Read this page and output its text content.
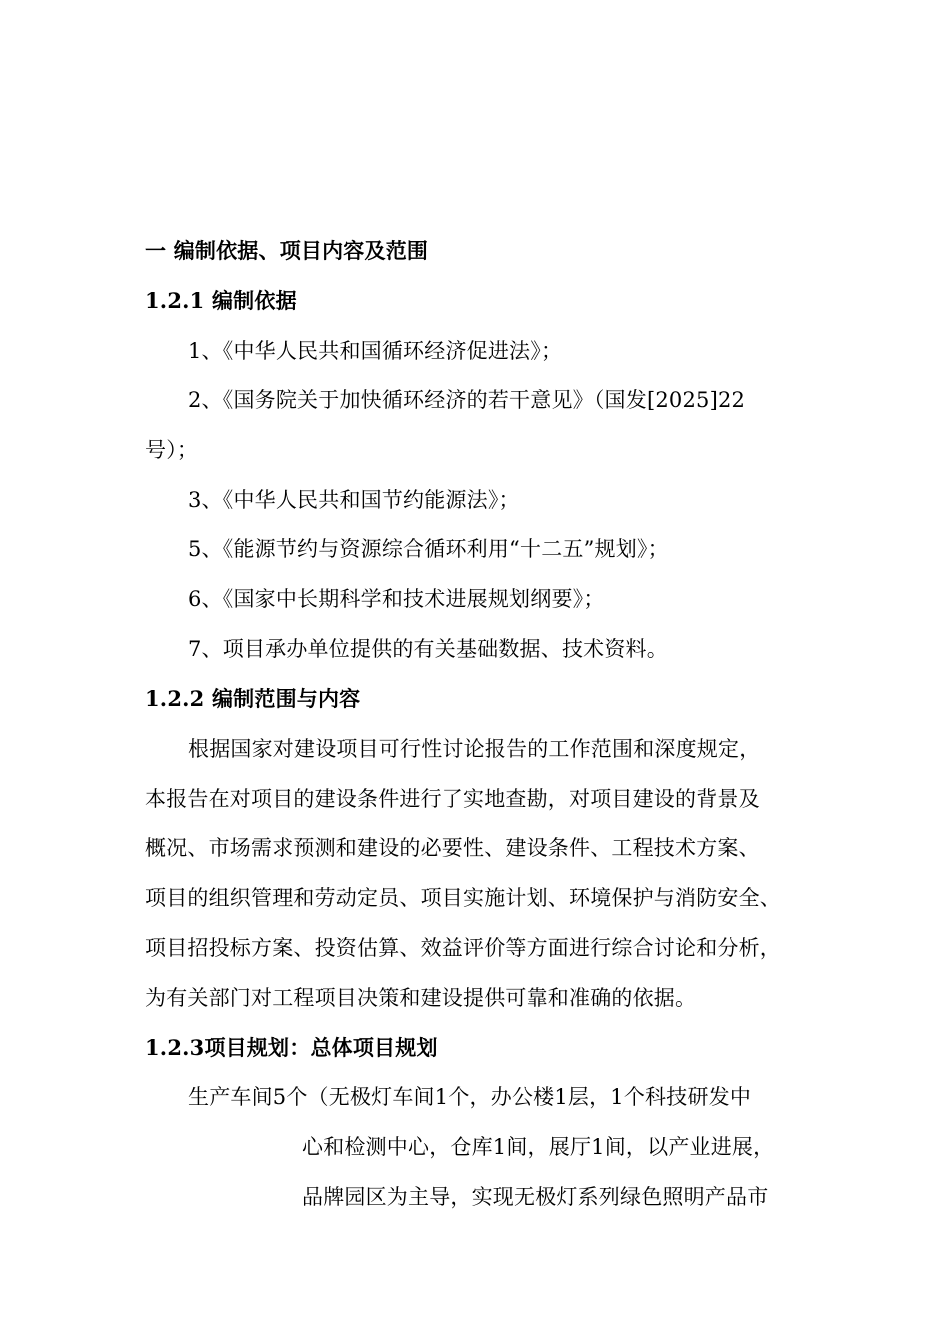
一 编制依据、项目内容及范围
1.2.1 编制依据
1、《中华人民共和国循环经济促进法》；
2、《国务院关于加快循环经济的若干意见》（国发[2025]22
号）；
3、《中华人民共和国节约能源法》；
5、《能源节约与资源综合循环利用“十二五”规划》；
6、《国家中长期科学和技术进展规划纲要》；
7、项目承办单位提供的有关基础数据、技术资料。
1.2.2 编制范围与内容
根据国家对建设项目可行性讨论报告的工作范围和深度规定，
本报告在对项目的建设条件进行了实地查勘，对项目建设的背景及
概况、市场需求预测和建设的必要性、建设条件、工程技术方案、
项目的组织管理和劳动定员、项目实施计划、环境保护与消防安全、
项目招投标方案、投资估算、效益评价等方面进行综合讨论和分析，
为有关部门对工程项目决策和建设提供可靠和准确的依据。
1.2.3项目规划：总体项目规划
生产车间5个（无极灯车间1个，办公楼1层，1个科技研发中
心和检测中心，仓库1间，展厅1间，以产业进展，
品牌园区为主导，实现无极灯系列绿色照明产品市
